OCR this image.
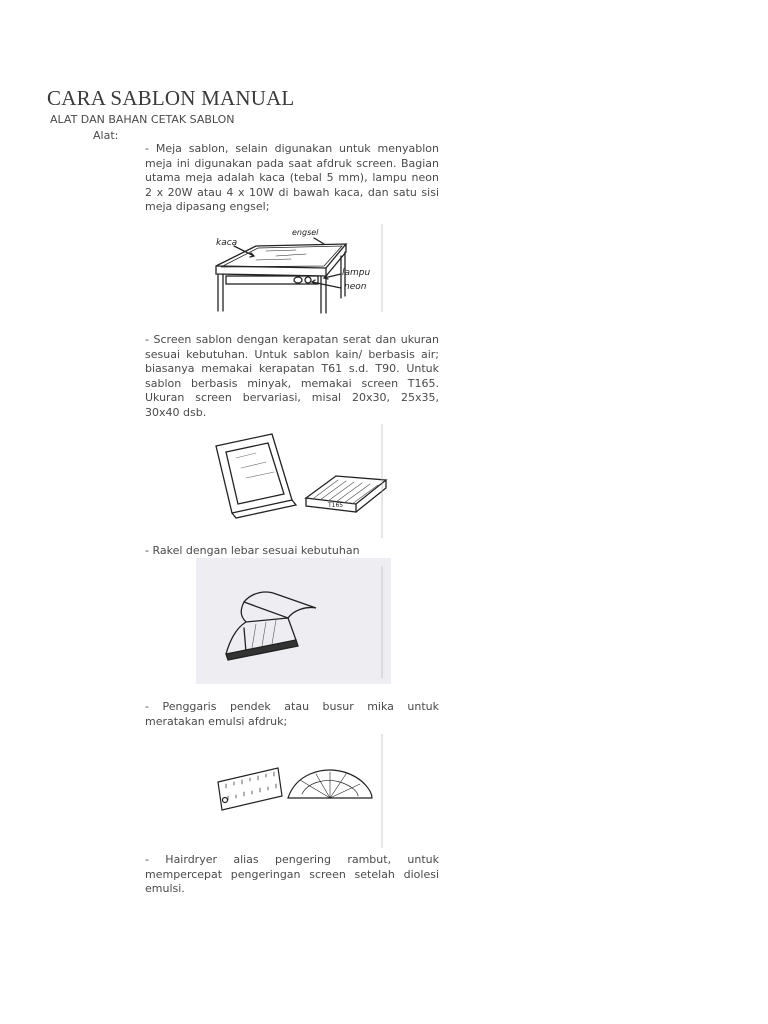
CARA SABLON MANUAL
ALAT DAN BAHAN CETAK SABLON
Alat:

- Meja sablon, selain digunakan untuk menyablon meja ini digunakan pada saat afdruk screen. Bagian utama meja adalah kaca (tebal 5 mm), lampu neon 2 x 20W atau 4 x 10W di bawah kaca, dan satu sisi meja dipasang engsel;

kaca
engsel
lampu
neon

- Screen sablon dengan kerapatan serat dan ukuran sesuai kebutuhan. Untuk sablon kain/ berbasis air; biasanya memakai kerapatan T61 s.d. T90. Untuk sablon berbasis minyak, memakai screen T165. Ukuran screen bervariasi, misal 20x30, 25x35, 30x40 dsb.

T165

- Rakel dengan lebar sesuai kebutuhan

- Penggaris pendek atau busur mika untuk meratakan emulsi afdruk;

- Hairdryer alias pengering rambut, untuk mempercepat pengeringan screen setelah diolesi emulsi.
